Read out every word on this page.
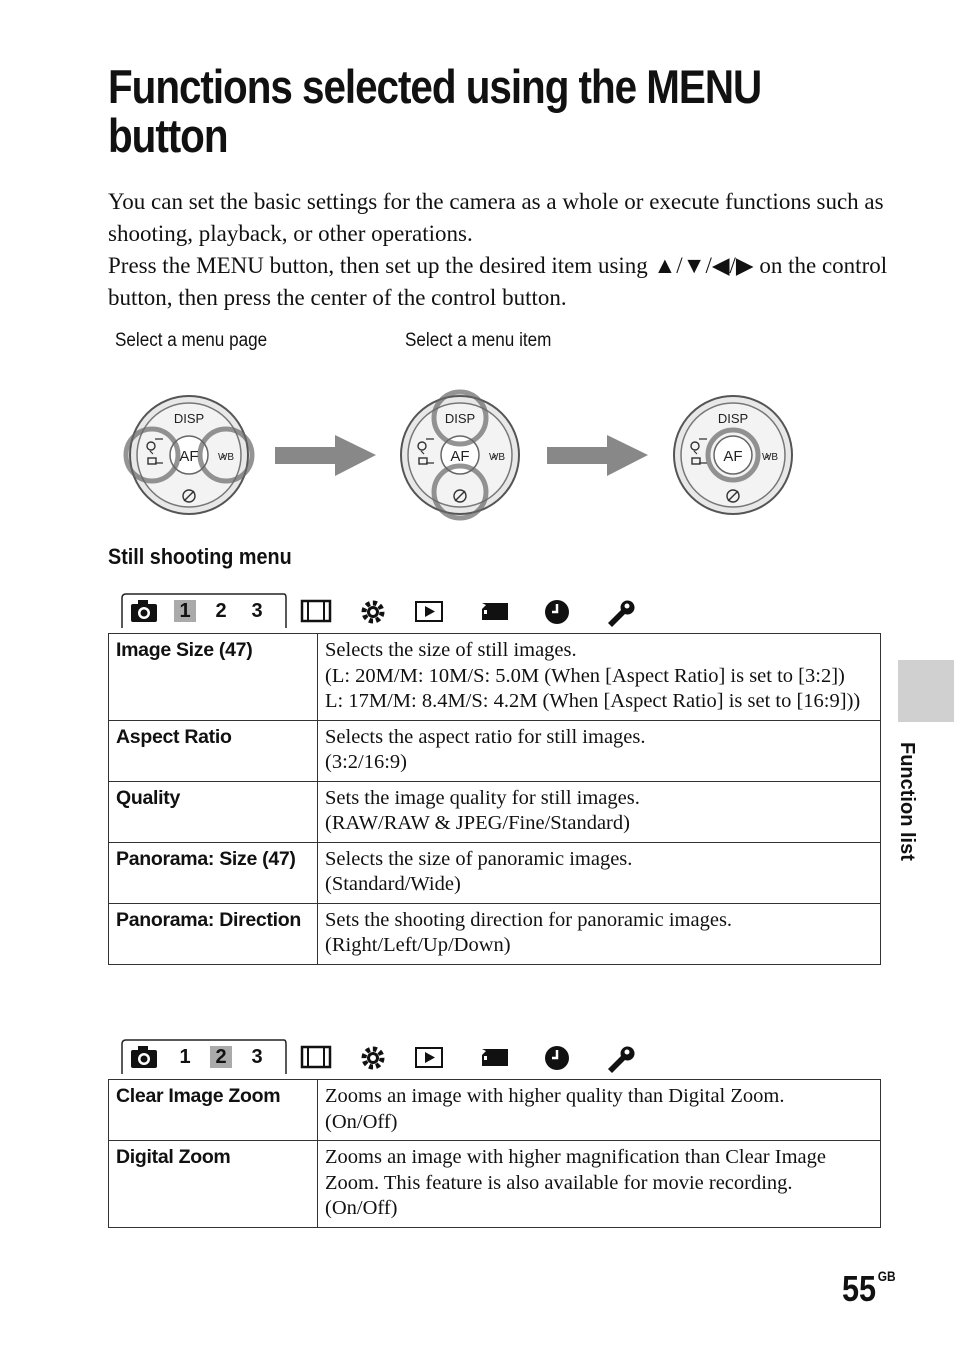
Functions selected using the MENU button

You can set the basic settings for the camera as a whole or execute functions such as shooting, playback, or other operations.

Press the MENU button, then set up the desired item using ▲/▼/◀/▶ on the control button, then press the center of the control button.

Select a menu page	Select a menu item
DISP
AF WB
DISP
AF WB
DISP
AF WB
Still shooting menu
1 2 3
Image Size (47)	Selects the size of still images.
(L: 20M/M: 10M/S: 5.0M (When [Aspect Ratio] is set to [3:2])
L: 17M/M: 8.4M/S: 4.2M (When [Aspect Ratio] is set to [16:9]))

Aspect Ratio	Selects the aspect ratio for still images.
(3:2/16:9)

Quality	Sets the image quality for still images.
(RAW/RAW & JPEG/Fine/Standard)

Panorama: Size (47)	Selects the size of panoramic images.
(Standard/Wide)

Panorama: Direction	Sets the shooting direction for panoramic images.
(Right/Left/Up/Down)
1 2 3
Clear Image Zoom	Zooms an image with higher quality than Digital Zoom.
(On/Off)

Digital Zoom	Zooms an image with higher magnification than Clear Image Zoom. This feature is also available for movie recording.
(On/Off)
Function list
55 $^{GB}$
